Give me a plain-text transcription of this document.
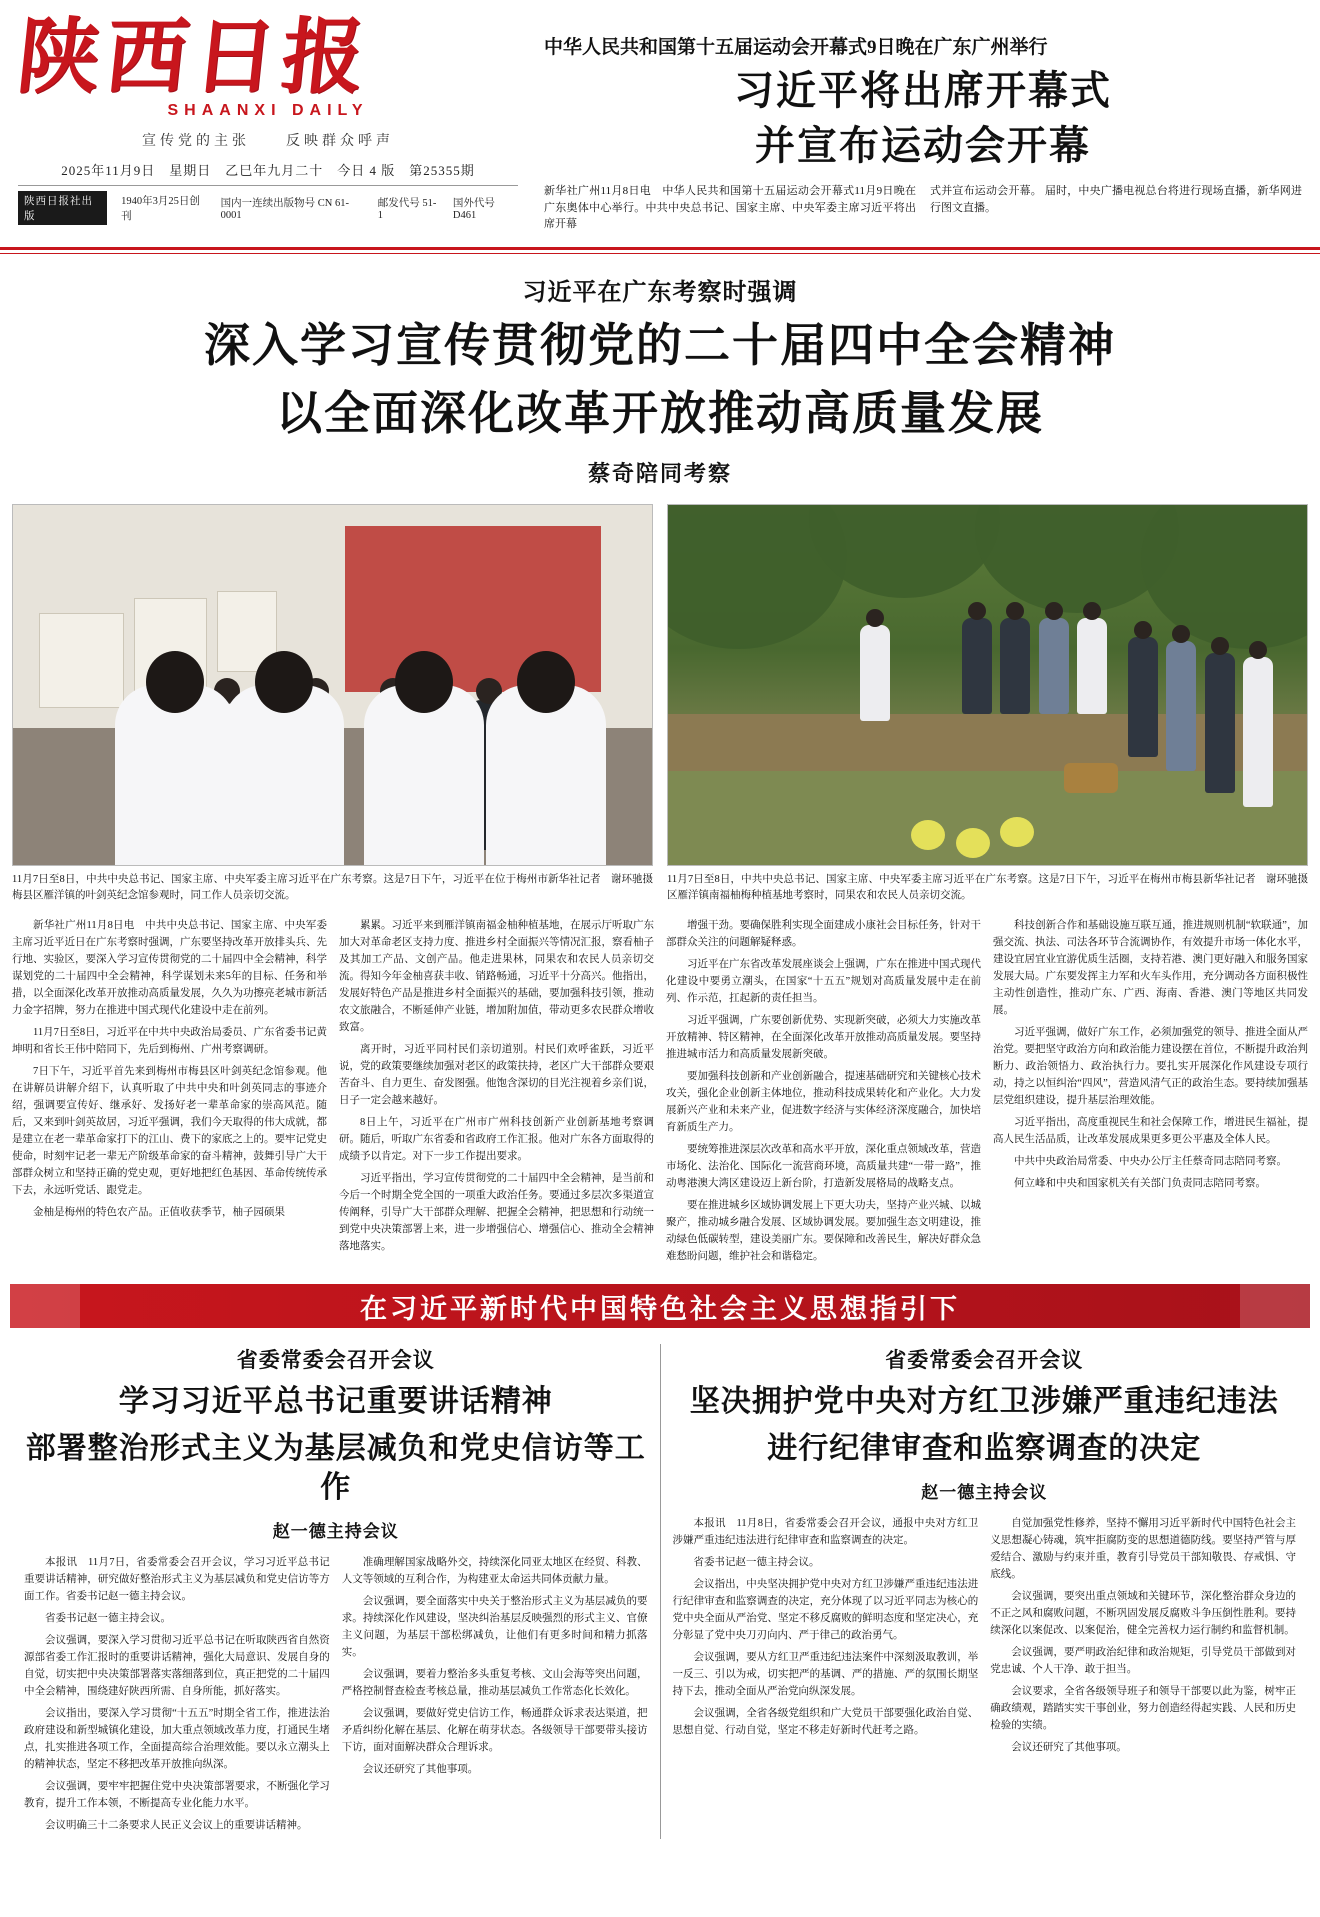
陕西日报
SHAANXI DAILY
宣传党的主张　　反映群众呼声
2025年11月9日　星期日　乙巳年九月二十　今日 4 版　第25355期
陕西日报社出版
1940年3月25日创刊
国内一连续出版物号 CN 61-0001
邮发代号 51-1
国外代号 D461
中华人民共和国第十五届运动会开幕式9日晚在广东广州举行
习近平将出席开幕式
并宣布运动会开幕

新华社广州11月8日电　中华人民共和国第十五届运动会开幕式11月9日晚在广东奥体中心举行。中共中央总书记、国家主席、中央军委主席习近平将出席开幕

式并宣布运动会开幕。 届时，中央广播电视总台将进行现场直播，新华网进行图文直播。

习近平在广东考察时强调
深入学习宣传贯彻党的二十届四中全会精神
以全面深化改革开放推动高质量发展
蔡奇陪同考察
新华社记者　谢环驰摄
11月7日至8日，中共中央总书记、国家主席、中央军委主席习近平在广东考察。这是7日下午，习近平在位于梅州市梅县区雁洋镇的叶剑英纪念馆参观时，同工作人员亲切交流。
新华社记者　谢环驰摄
11月7日至8日，中共中央总书记、国家主席、中央军委主席习近平在广东考察。这是7日下午，习近平在梅州市梅县区雁洋镇南福柚梅种植基地考察时，同果农和农民人员亲切交流。

新华社广州11月8日电　中共中央总书记、国家主席、中央军委主席习近平近日在广东考察时强调，广东要坚持改革开放排头兵、先行地、实验区，要深入学习宣传贯彻党的二十届四中全会精神，科学谋划党的二十届四中全会精神，科学谋划未来5年的目标、任务和举措，以全面深化改革开放推动高质量发展，久久为功擦亮老城市新活力金字招牌，努力在推进中国式现代化建设中走在前列。

11月7日至8日，习近平在中共中央政治局委员、广东省委书记黄坤明和省长王伟中陪同下，先后到梅州、广州考察调研。

7日下午，习近平首先来到梅州市梅县区叶剑英纪念馆参观。他在讲解员讲解介绍下，认真听取了中共中央和叶剑英同志的事迹介绍，强调要宣传好、继承好、发扬好老一辈革命家的崇高风范。随后，又来到叶剑英故居，习近平强调，我们今天取得的伟大成就，都是建立在老一辈革命家打下的江山、费下的家底之上的。要牢记党史使命，时刻牢记老一辈无产阶级革命家的奋斗精神，鼓舞引导广大干部群众树立和坚持正确的党史观，更好地把红色基因、革命传统传承下去，永远听党话、跟党走。

金柚是梅州的特色农产品。正值收获季节，柚子园硕果

累累。习近平来到雁洋镇南福金柚种植基地，在展示厅听取广东加大对革命老区支持力度、推进乡村全面振兴等情况汇报，察看柚子及其加工产品、文创产品。他走进果林，同果农和农民人员亲切交流。得知今年金柚喜获丰收、销路畅通，习近平十分高兴。他指出，发展好特色产品是推进乡村全面振兴的基础，要加强科技引领，推动农文旅融合，不断延伸产业链，增加附加值，带动更多农民群众增收致富。

离开时，习近平同村民们亲切道别。村民们欢呼雀跃，习近平说，党的政策要继续加强对老区的政策扶持，老区广大干部群众要艰苦奋斗、自力更生、奋发图强。他饱含深切的目光注视着乡亲们说，日子一定会越来越好。

8日上午，习近平在广州市广州科技创新产业创新基地考察调研。随后，听取广东省委和省政府工作汇报。他对广东各方面取得的成绩予以肯定。对下一步工作提出要求。

习近平指出，学习宣传贯彻党的二十届四中全会精神，是当前和今后一个时期全党全国的一项重大政治任务。要通过多层次多渠道宣传阐释，引导广大干部群众理解、把握全会精神，把思想和行动统一到党中央决策部署上来，进一步增强信心、增强信心、推动全会精神落地落实。

增强干劲。要确保胜利实现全面建成小康社会目标任务，针对干部群众关注的问题解疑释惑。

习近平在广东省改革发展座谈会上强调，广东在推进中国式现代化建设中要勇立潮头，在国家“十五五”规划对高质量发展中走在前列、作示范，扛起新的责任担当。

习近平强调，广东要创新优势、实现新突破，必须大力实施改革开放精神、特区精神，在全面深化改革开放推动高质量发展。要坚持推进城市活力和高质量发展新突破。

要加强科技创新和产业创新融合，提速基础研究和关键核心技术攻关，强化企业创新主体地位，推动科技成果转化和产业化。大力发展新兴产业和未来产业，促进数字经济与实体经济深度融合，加快培育新质生产力。

要统筹推进深层次改革和高水平开放，深化重点领域改革，营造市场化、法治化、国际化一流营商环境，高质量共建“一带一路”，推动粤港澳大湾区建设迈上新台阶，打造新发展格局的战略支点。

要在推进城乡区域协调发展上下更大功夫，坚持产业兴城、以城聚产，推动城乡融合发展、区域协调发展。要加强生态文明建设，推动绿色低碳转型，建设美丽广东。要保障和改善民生，解决好群众急难愁盼问题，维护社会和谐稳定。

科技创新合作和基础设施互联互通，推进规则机制“软联通”，加强交流、执法、司法各环节合流调协作，有效提升市场一体化水平，建设宜居宜业宜游优质生活圈，支持若港、澳门更好融入和服务国家发展大局。广东要发挥主力军和火车头作用，充分调动各方面积极性主动性创造性，推动广东、广西、海南、香港、澳门等地区共同发展。

习近平强调，做好广东工作，必须加强党的领导、推进全面从严治党。要把坚守政治方向和政治能力建设摆在首位，不断提升政治判断力、政治领悟力、政治执行力。要扎实开展深化作风建设专项行动，持之以恒纠治“四风”，营造风清气正的政治生态。要持续加强基层党组织建设，提升基层治理效能。

习近平指出，高度重视民生和社会保障工作，增进民生福祉，提高人民生活品质，让改革发展成果更多更公平惠及全体人民。

中共中央政治局常委、中央办公厅主任蔡奇同志陪同考察。

何立峰和中央和国家机关有关部门负责同志陪同考察。

在习近平新时代中国特色社会主义思想指引下
省委常委会召开会议
学习习近平总书记重要讲话精神
部署整治形式主义为基层减负和党史信访等工作
赵一德主持会议

本报讯　11月7日，省委常委会召开会议，学习习近平总书记重要讲话精神，研究做好整治形式主义为基层减负和党史信访等方面工作。省委书记赵一德主持会议。

省委书记赵一德主持会议。

会议强调，要深入学习贯彻习近平总书记在听取陕西省自然资源部省委工作汇报时的重要讲话精神，强化大局意识、发展自身的自觉，切实把中央决策部署落实落细落到位，真正把党的二十届四中全会精神，围绕建好陕西所需、自身所能，抓好落实。

会议指出，要深入学习贯彻“十五五”时期全省工作，推进法治政府建设和新型城镇化建设，加大重点领域改革力度，打通民生堵点，扎实推进各项工作，全面提高综合治理效能。要以永立潮头上的精神状态，坚定不移把改革开放推向纵深。

会议强调，要牢牢把握住党中央决策部署要求，不断强化学习教育，提升工作本领，不断提高专业化能力水平。

会议明确三十二条要求人民正义会议上的重要讲话精神。

准确理解国家战略外交，持续深化同亚太地区在经贸、科教、人文等领域的互利合作，为构建亚太命运共同体贡献力量。

会议强调，要全面落实中央关于整治形式主义为基层减负的要求。持续深化作风建设，坚决纠治基层反映强烈的形式主义、官僚主义问题，为基层干部松绑减负，让他们有更多时间和精力抓落实。

会议强调，要着力整治多头重复考核、文山会海等突出问题，严格控制督查检查考核总量，推动基层减负工作常态化长效化。

会议强调，要做好党史信访工作，畅通群众诉求表达渠道，把矛盾纠纷化解在基层、化解在萌芽状态。各级领导干部要带头接访下访，面对面解决群众合理诉求。

会议还研究了其他事项。

省委常委会召开会议
坚决拥护党中央对方红卫涉嫌严重违纪违法
进行纪律审查和监察调查的决定
赵一德主持会议

本报讯　11月8日，省委常委会召开会议，通报中央对方红卫涉嫌严重违纪违法进行纪律审查和监察调查的决定。

省委书记赵一德主持会议。

会议指出，中央坚决拥护党中央对方红卫涉嫌严重违纪违法进行纪律审查和监察调查的决定，充分体现了以习近平同志为核心的党中央全面从严治党、坚定不移反腐败的鲜明态度和坚定决心，充分彰显了党中央刀刃向内、严于律己的政治勇气。

会议强调，要从方红卫严重违纪违法案件中深刻汲取教训，举一反三、引以为戒，切实把严的基调、严的措施、严的氛围长期坚持下去，推动全面从严治党向纵深发展。

会议强调，全省各级党组织和广大党员干部要强化政治自觉、思想自觉、行动自觉，坚定不移走好新时代赶考之路。

自觉加强党性修养，坚持不懈用习近平新时代中国特色社会主义思想凝心铸魂，筑牢拒腐防变的思想道德防线。要坚持严管与厚爱结合、激励与约束并重，教育引导党员干部知敬畏、存戒惧、守底线。

会议强调，要突出重点领域和关键环节，深化整治群众身边的不正之风和腐败问题，不断巩固发展反腐败斗争压倒性胜利。要持续深化以案促改、以案促治，健全完善权力运行制约和监督机制。

会议强调，要严明政治纪律和政治规矩，引导党员干部做到对党忠诚、个人干净、敢于担当。

会议要求，全省各级领导班子和领导干部要以此为鉴，树牢正确政绩观，踏踏实实干事创业，努力创造经得起实践、人民和历史检验的实绩。

会议还研究了其他事项。
